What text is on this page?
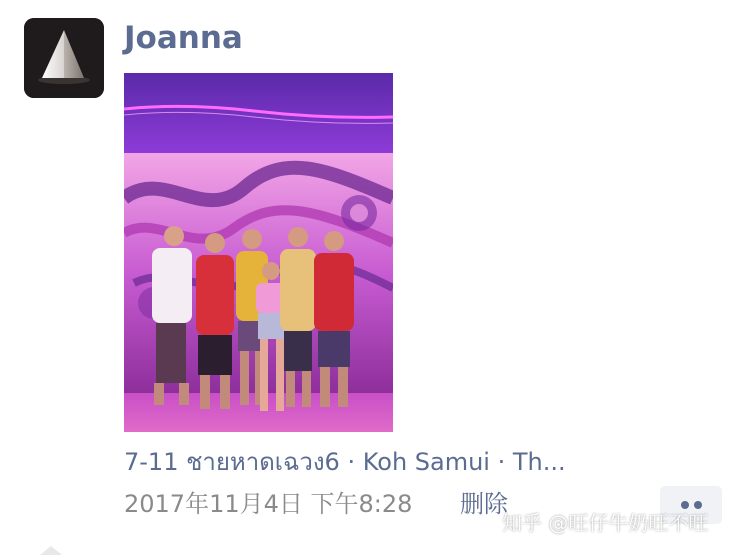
Joanna
7-11 ชายหาดเฉวง6 · Koh Samui · Th...
2017年11月4日 下午8:28 删除
知乎 @旺仔牛奶旺不旺
